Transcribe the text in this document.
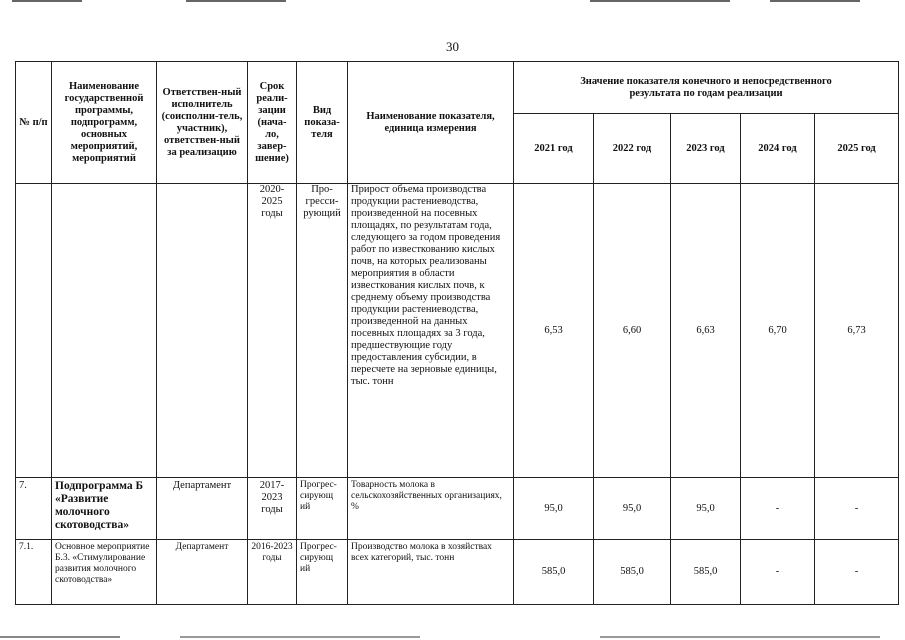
30
№ п/п	Наименование государственной программы, подпрограмм, основных мероприятий, мероприятий	Ответствен-ный исполнитель (соисполни-тель, участник), ответствен-ный за реализацию	Срок реали-зации (нача-ло, завер-шение)	Вид показа-теля	Наименование показателя, единица измерения	Значение показателя конечного и непосредственного результата по годам реализации				
						2021 год	2022 год	2023 год	2024 год	2025 год
			2020-2025 годы	Про-гресси-рующий	Прирост объема производства продукции растениеводства, произведенной на посевных площадях, по результатам года, следующего за годом проведения работ по известкованию кислых почв, на которых реализованы мероприятия в области известкования кислых почв, к среднему объему производства продукции растениеводства, произведенной на данных посевных площадях за 3 года, предшествующие году предоставления субсидии, в пересчете на зерновые единицы, тыс. тонн	6,53	6,60	6,63	6,70	6,73
7.	Подпрограмма Б «Развитие молочного скотоводства»	Департамент	2017-2023 годы	Прогрес-сирующ ий	Товарность молока в сельскохозяйственных организациях, %	95,0	95,0	95,0	-	-
7.1.	Основное мероприятие Б.3. «Стимулирование развития молочного скотоводства»	Департамент	2016-2023 годы	Прогрес-сирующ ий	Производство молока в хозяйствах всех категорий, тыс. тонн	585,0	585,0	585,0	-	-
